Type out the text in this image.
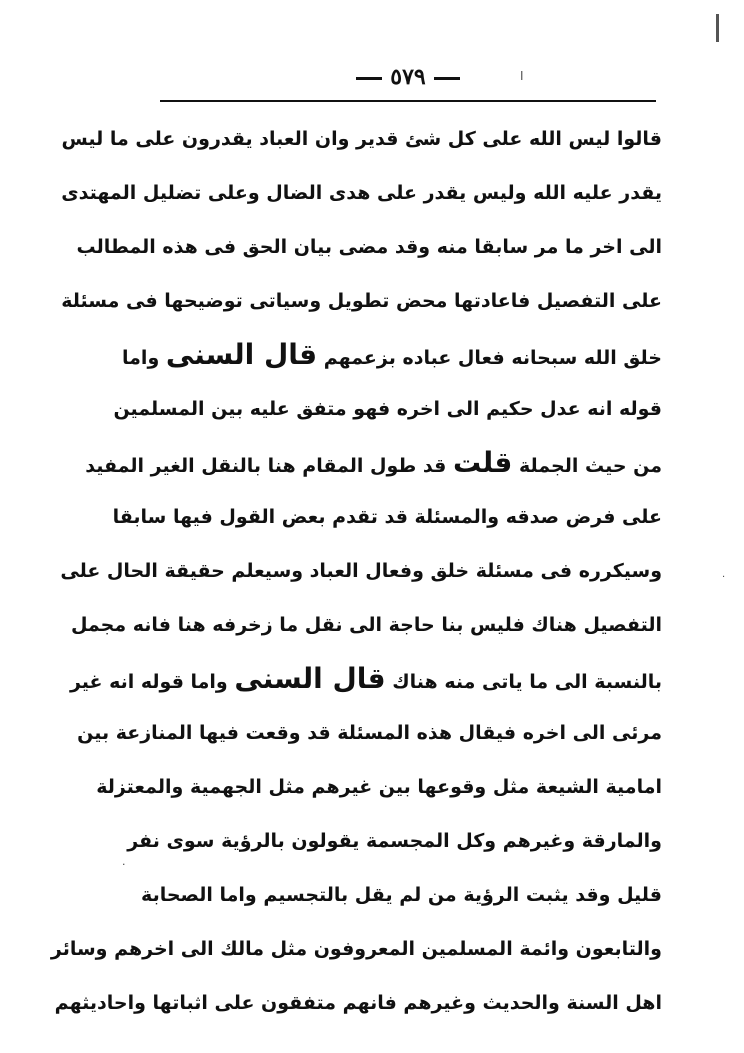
׀
·
·
٥٧٩
قالوا ليس الله على كل شئ قدير وان العباد يقدرون على ما ليس
يقدر عليه الله وليس يقدر على هدى الضال وعلى تضليل المهتدى
الى اخر ما مر سابقا منه وقد مضى بيان الحق فى هذه المطالب
على التفصيل فاعادتها محض تطويل وسياتى توضيحها فى مسئلة
خلق الله سبحانه فعال عباده بزعمهم قال السنى واما
قوله انه عدل حكيم الى اخره فهو متفق عليه بين المسلمين
من حيث الجملة قلت قد طول المقام هنا بالنقل الغير المفيد
على فرض صدقه والمسئلة قد تقدم بعض القول فيها سابقا
وسيكرره فى مسئلة خلق وفعال العباد وسيعلم حقيقة الحال على
التفصيل هناك فليس بنا حاجة الى نقل ما زخرفه هنا فانه مجمل
بالنسبة الى ما ياتى منه هناك قال السنى واما قوله انه غير
مرئى الى اخره فيقال هذه المسئلة قد وقعت فيها المنازعة بين
امامية الشيعة مثل وقوعها بين غيرهم مثل الجهمية والمعتزلة
والمارقة وغيرهم وكل المجسمة يقولون بالرؤية سوى نفر
قليل وقد يثبت الرؤية من لم يقل بالتجسيم واما الصحابة
والتابعون وائمة المسلمين المعروفون مثل مالك الى اخرهم وسائر
اهل السنة والحديث وغيرهم فانهم متفقون على اثباتها واحاديثهم
